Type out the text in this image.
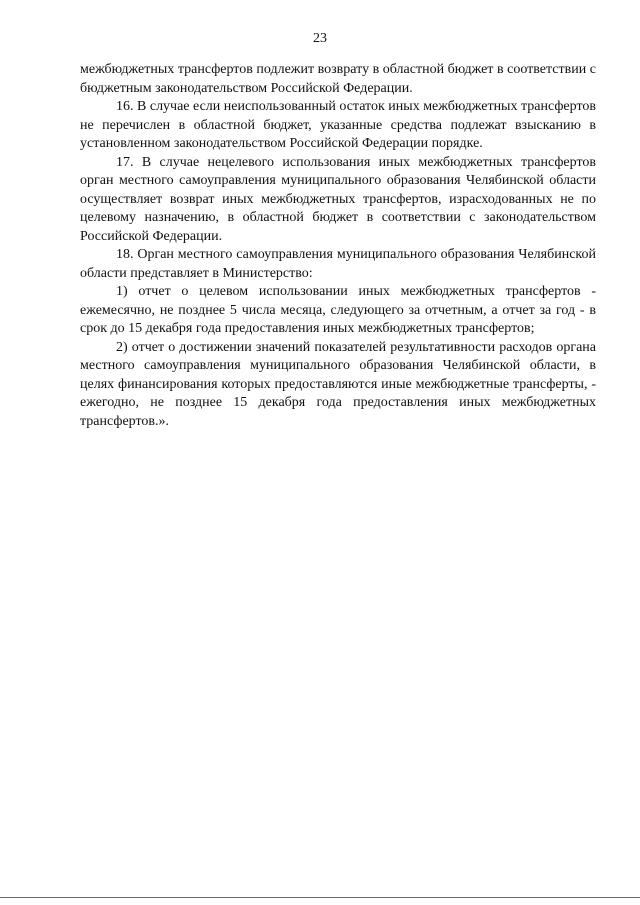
23

межбюджетных трансфертов подлежит возврату в областной бюджет в соответствии с бюджетным законодательством Российской Федерации.

16. В случае если неиспользованный остаток иных межбюджетных трансфертов не перечислен в областной бюджет, указанные средства подлежат взысканию в установленном законодательством Российской Федерации порядке.

17. В случае нецелевого использования иных межбюджетных трансфертов орган местного самоуправления муниципального образования Челябинской области осуществляет возврат иных межбюджетных трансфертов, израсходованных не по целевому назначению, в областной бюджет в соответствии с законодательством Российской Федерации.

18. Орган местного самоуправления муниципального образования Челябинской области представляет в Министерство:

1) отчет о целевом использовании иных межбюджетных трансфертов - ежемесячно, не позднее 5 числа месяца, следующего за отчетным, а отчет за год - в срок до 15 декабря года предоставления иных межбюджетных трансфертов;

2) отчет о достижении значений показателей результативности расходов органа местного самоуправления муниципального образования Челябинской области, в целях финансирования которых предоставляются иные межбюджетные трансферты, - ежегодно, не позднее 15 декабря года предоставления иных межбюджетных трансфертов.».
